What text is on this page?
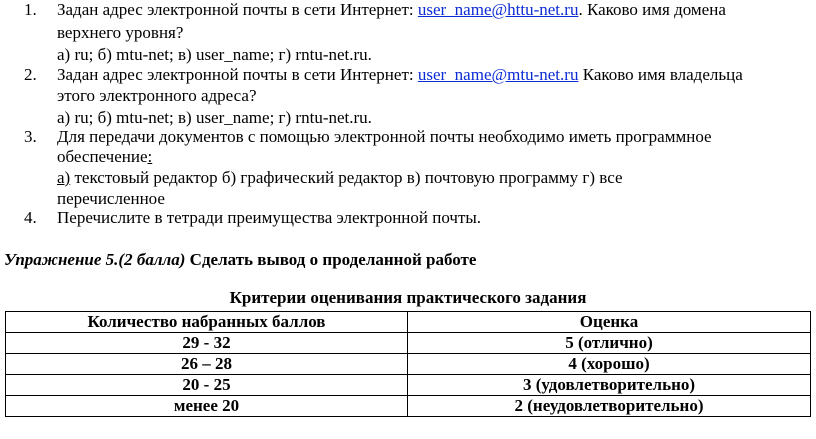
1.	Задан адрес электронной почты в сети Интернет: user_name@httu-net.ru. Каково имя домена
верхнего уровня?
а) ru; б) mtu-net; в) user_name; г) rntu-net.ru.
2.	Задан адрес электронной почты в сети Интернет: user_name@mtu-net.ru Каково имя владельца
этого электронного адреса?
а) ru; б) mtu-net; в) user_name; г) rntu-net.ru.
3.	Для передачи документов с помощью электронной почты необходимо иметь программное
обеспечение:
а) текстовый редактор б) графический редактор в) почтовую программу г) все
перечисленное
4.	Перечислите в тетради преимущества электронной почты.
Упражнение 5.(2 балла) Сделать вывод о проделанной работе
Критерии оценивания практического задания
Количество набранных баллов	Оценка
29 - 32	5 (отлично)
26 – 28	4 (хорошо)
20 - 25	3 (удовлетворительно)
менее 20	2 (неудовлетворительно)
